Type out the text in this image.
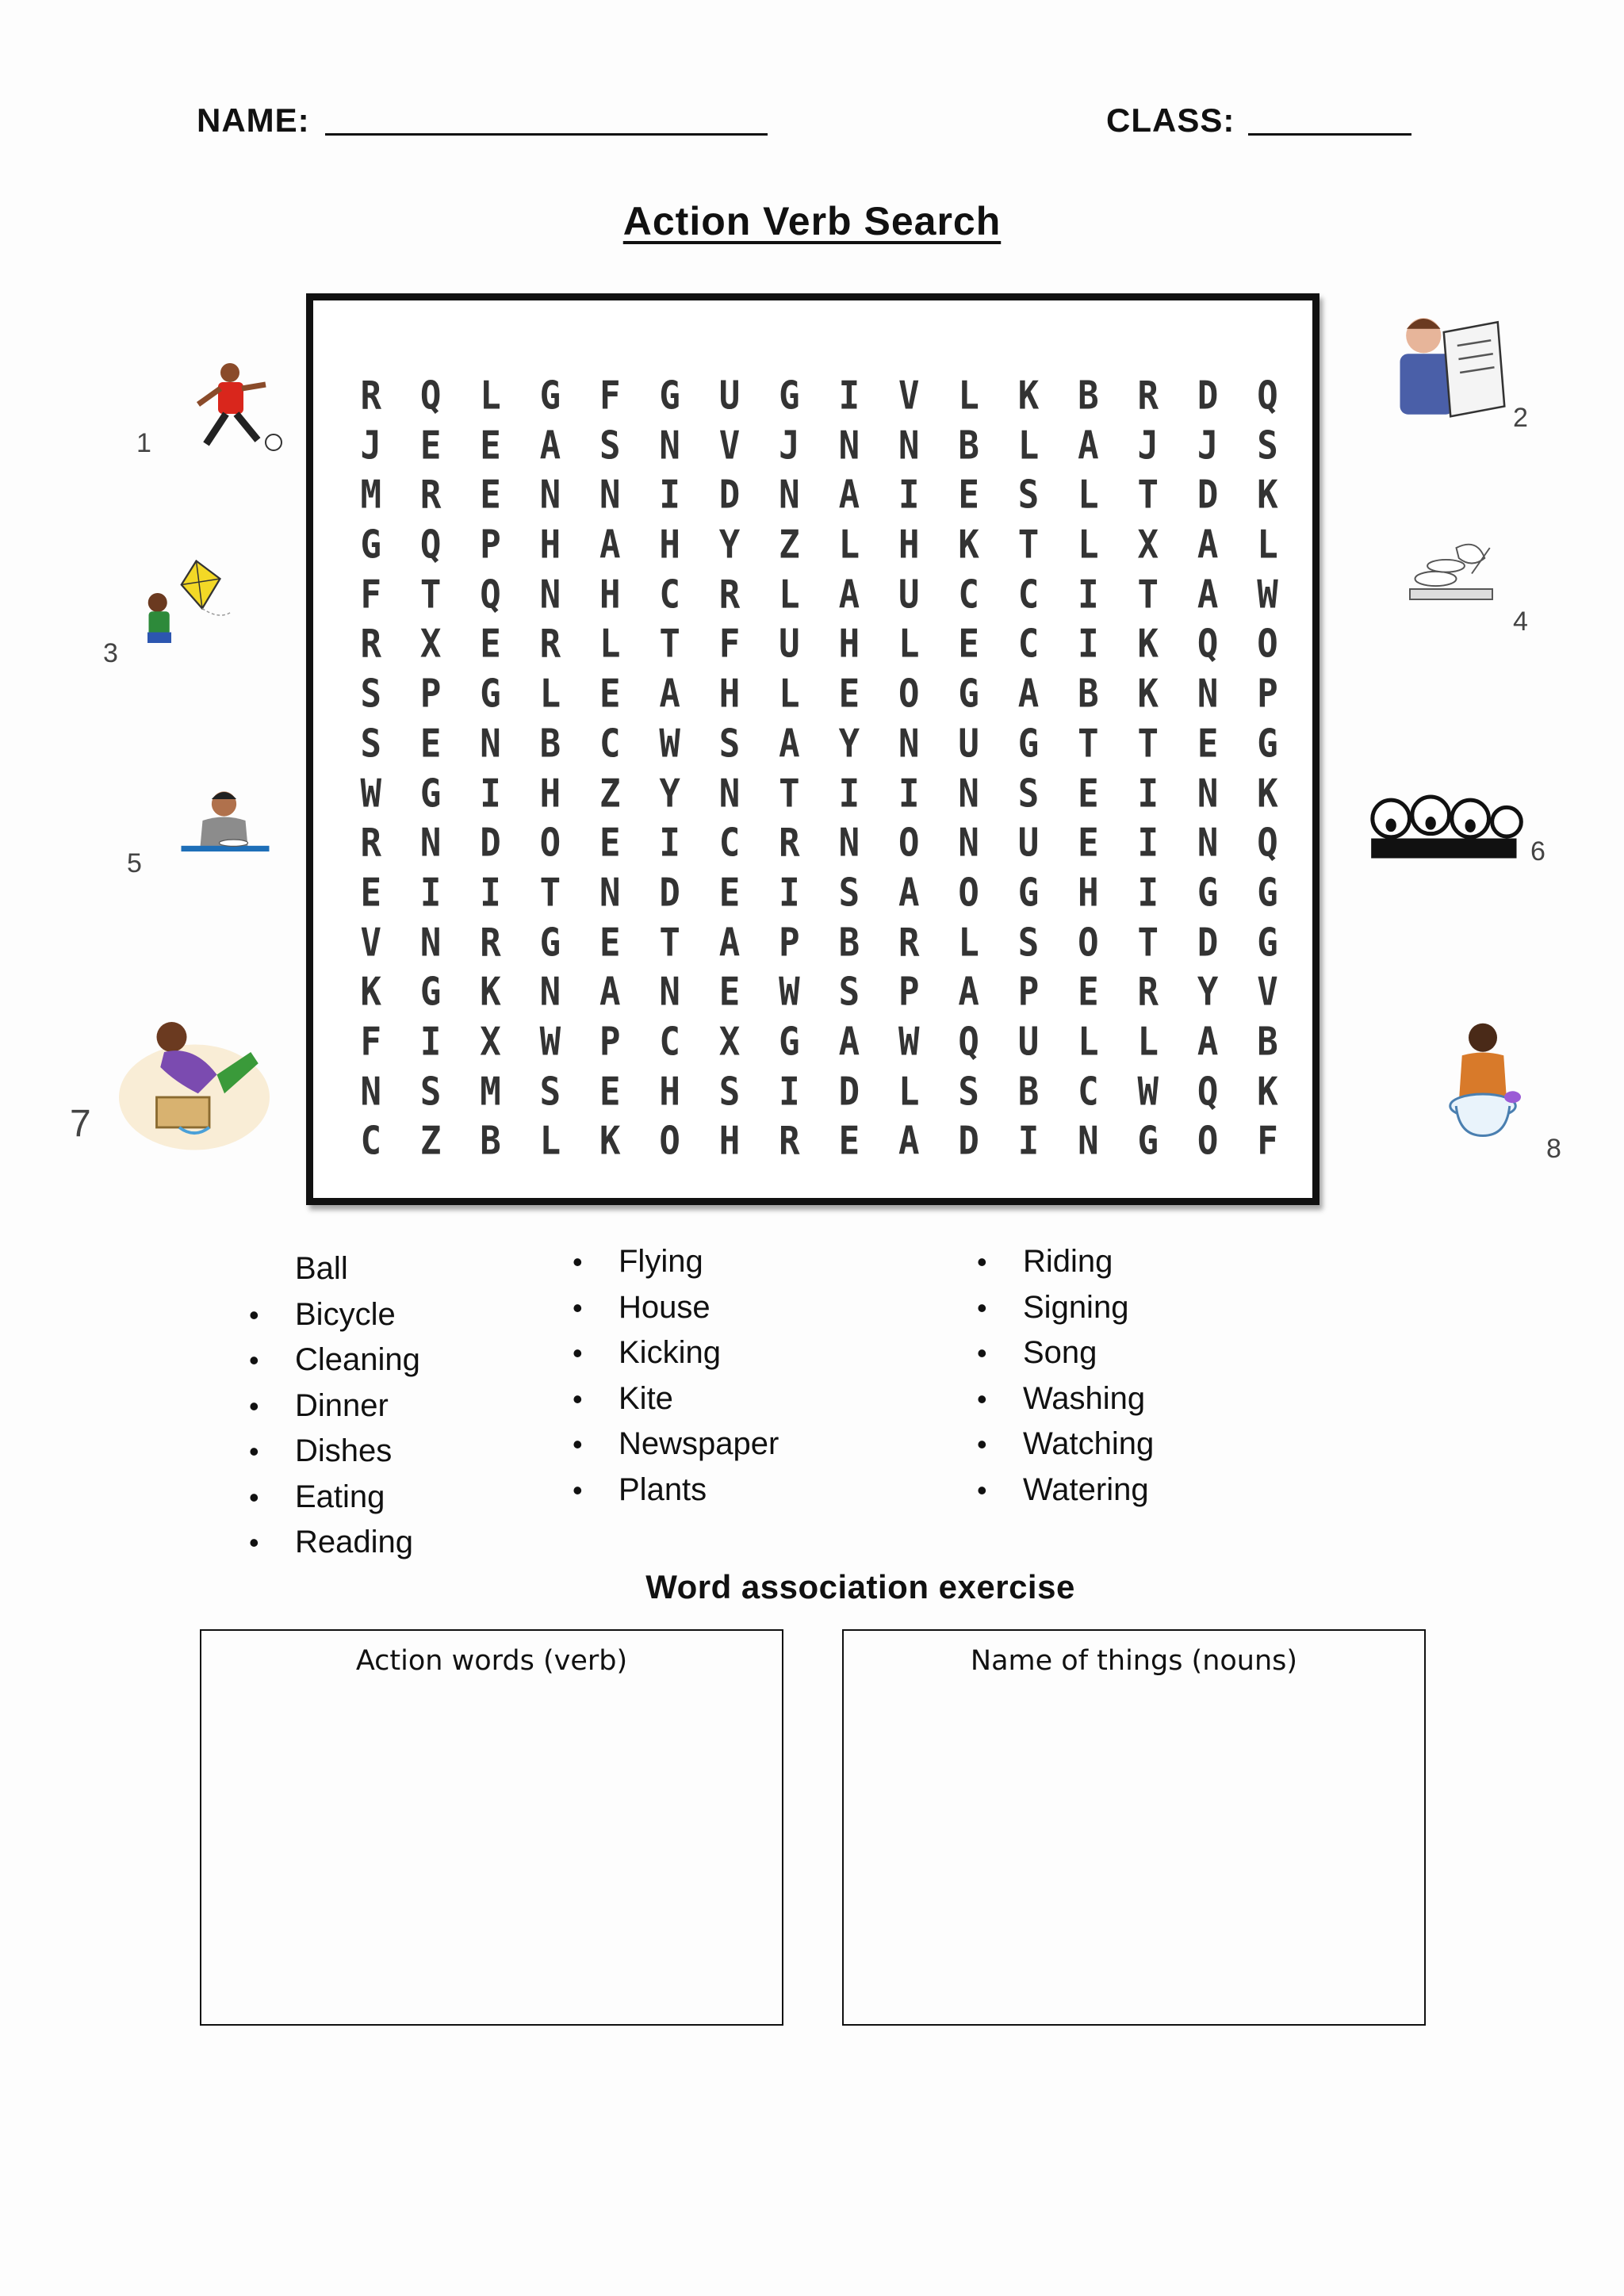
NAME:	CLASS:
Action Verb Search
R	Q	L	G	F	G	U	G	I	V	L	K	B	R	D	Q
J	E	E	A	S	N	V	J	N	N	B	L	A	J	J	S
M	R	E	N	N	I	D	N	A	I	E	S	L	T	D	K
G	Q	P	H	A	H	Y	Z	L	H	K	T	L	X	A	L
F	T	Q	N	H	C	R	L	A	U	C	C	I	T	A	W
R	X	E	R	L	T	F	U	H	L	E	C	I	K	Q	O
S	P	G	L	E	A	H	L	E	O	G	A	B	K	N	P
S	E	N	B	C	W	S	A	Y	N	U	G	T	T	E	G
W	G	I	H	Z	Y	N	T	I	I	N	S	E	I	N	K
R	N	D	O	E	I	C	R	N	O	N	U	E	I	N	Q
E	I	I	T	N	D	E	I	S	A	O	G	H	I	G	G
V	N	R	G	E	T	A	P	B	R	L	S	O	T	D	G
K	G	K	N	A	N	E	W	S	P	A	P	E	R	Y	V
F	I	X	W	P	C	X	G	A	W	Q	U	L	L	A	B
N	S	M	S	E	H	S	I	D	L	S	B	C	W	Q	K
C	Z	B	L	K	O	H	R	E	A	D	I	N	G	O	F
1
2
3
4
5	6
7
8
Ball
• Bicycle
• Cleaning
• Dinner
• Dishes
• Eating
• Reading
• Flying
• House
• Kicking
• Kite
• Newspaper
• Plants
• Riding
• Signing
• Song
• Washing
• Watching
• Watering
Word association exercise
Action words (verb)	Name of things (nouns)
